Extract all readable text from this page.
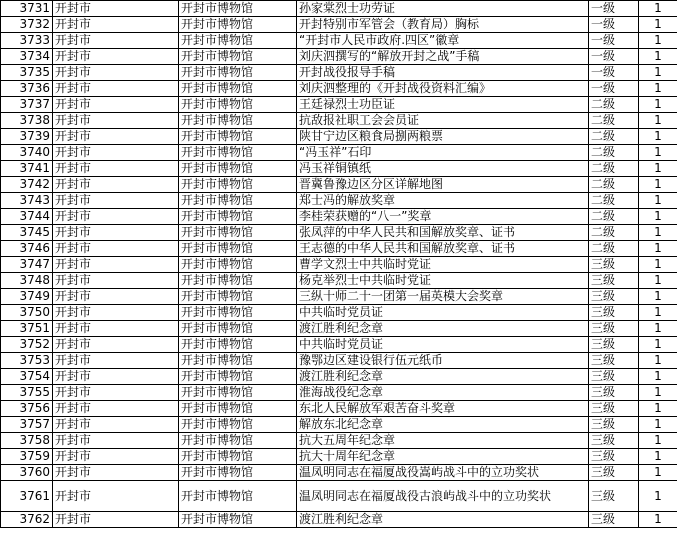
3731	开封市	开封市博物馆	孙家棠烈士功劳证	一级	1
3732	开封市	开封市博物馆	开封特别市军管会（教育局）胸标	一级	1
3733	开封市	开封市博物馆	“开封市人民市政府.四区”徽章	一级	1
3734	开封市	开封市博物馆	刘庆泗撰写的“解放开封之战”手稿	一级	1
3735	开封市	开封市博物馆	开封战役报导手稿	一级	1
3736	开封市	开封市博物馆	刘庆泗整理的《开封战役资料汇编》	一级	1
3737	开封市	开封市博物馆	王廷禄烈士功臣证	二级	1
3738	开封市	开封市博物馆	抗敌报社职工会会员证	二级	1
3739	开封市	开封市博物馆	陕甘宁边区粮食局捌两粮票	二级	1
3740	开封市	开封市博物馆	“冯玉祥”石印	二级	1
3741	开封市	开封市博物馆	冯玉祥铜镇纸	二级	1
3742	开封市	开封市博物馆	晋冀鲁豫边区分区详解地图	二级	1
3743	开封市	开封市博物馆	郑士冯的解放奖章	二级	1
3744	开封市	开封市博物馆	李桂荣获赠的“八一”奖章	二级	1
3745	开封市	开封市博物馆	张凤萍的中华人民共和国解放奖章、证书	二级	1
3746	开封市	开封市博物馆	王志德的中华人民共和国解放奖章、证书	二级	1
3747	开封市	开封市博物馆	曹学文烈士中共临时党证	三级	1
3748	开封市	开封市博物馆	杨克举烈士中共临时党证	三级	1
3749	开封市	开封市博物馆	三纵十师二十一团第一届英模大会奖章	三级	1
3750	开封市	开封市博物馆	中共临时党员证	三级	1
3751	开封市	开封市博物馆	渡江胜利纪念章	三级	1
3752	开封市	开封市博物馆	中共临时党员证	三级	1
3753	开封市	开封市博物馆	豫鄂边区建设银行伍元纸币	三级	1
3754	开封市	开封市博物馆	渡江胜利纪念章	三级	1
3755	开封市	开封市博物馆	淮海战役纪念章	三级	1
3756	开封市	开封市博物馆	东北人民解放军艰苦奋斗奖章	三级	1
3757	开封市	开封市博物馆	解放东北纪念章	三级	1
3758	开封市	开封市博物馆	抗大五周年纪念章	三级	1
3759	开封市	开封市博物馆	抗大十周年纪念章	三级	1
3760	开封市	开封市博物馆	温凤明同志在福厦战役嵩屿战斗中的立功奖状	三级	1
3761	开封市	开封市博物馆	温凤明同志在福厦战役古浪屿战斗中的立功奖状	三级	1
3762	开封市	开封市博物馆	渡江胜利纪念章	三级	1
